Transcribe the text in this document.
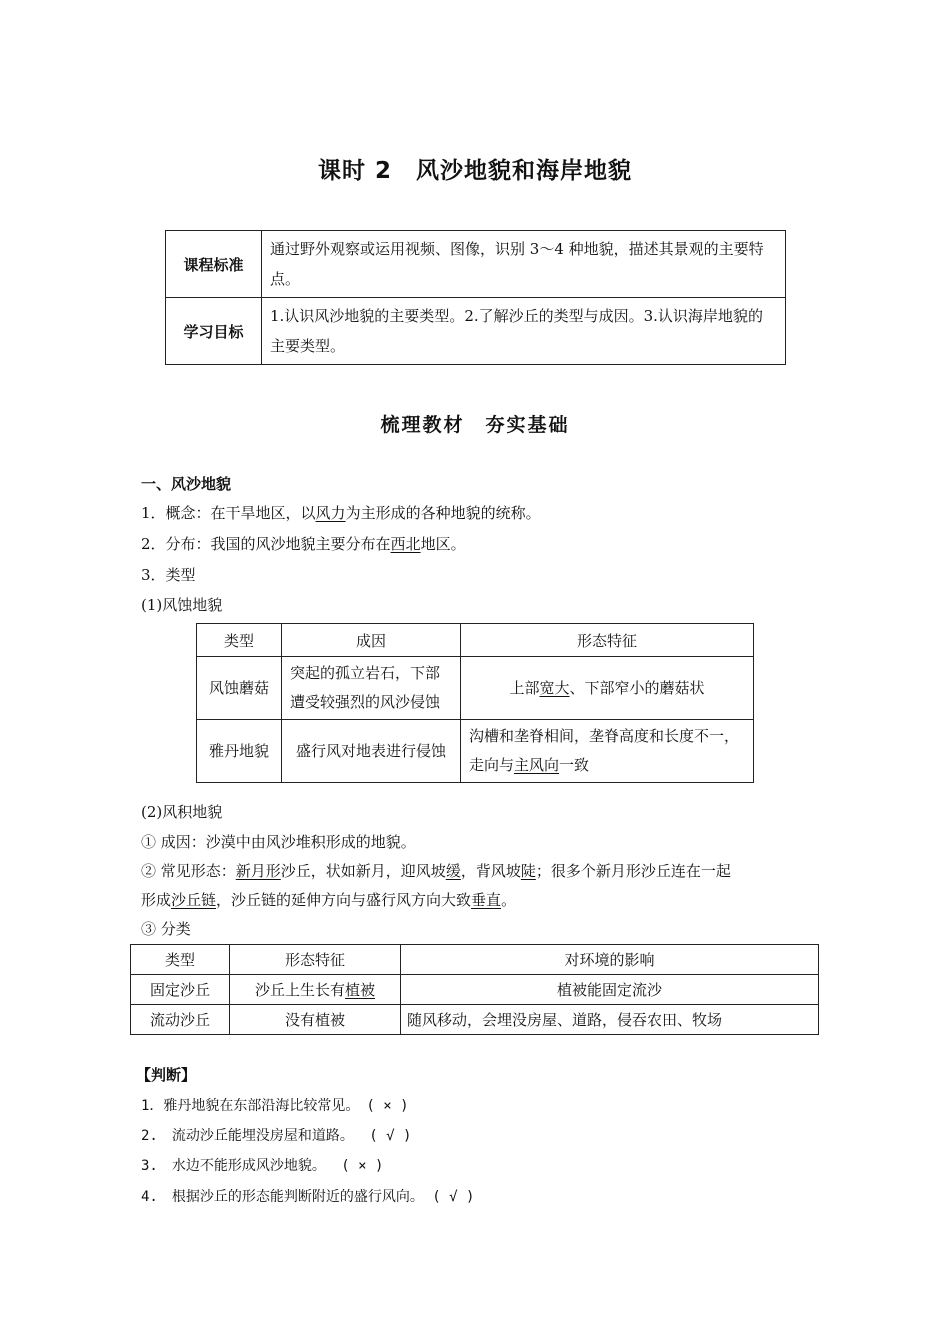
课时 2　风沙地貌和海岸地貌
课程标准	通过野外观察或运用视频、图像，识别 3～4 种地貌，描述其景观的主要特点。
学习目标	1.认识风沙地貌的主要类型。2.了解沙丘的类型与成因。3.认识海岸地貌的主要类型。
梳理教材　夯实基础
一、风沙地貌
1．概念：在干旱地区，以风力为主形成的各种地貌的统称。
2．分布：我国的风沙地貌主要分布在西北地区。
3．类型
(1)风蚀地貌
类型	成因	形态特征
风蚀蘑菇	突起的孤立岩石，下部遭受较强烈的风沙侵蚀	上部宽大、下部窄小的蘑菇状
雅丹地貌	盛行风对地表进行侵蚀	沟槽和垄脊相间，垄脊高度和长度不一，走向与主风向一致
(2)风积地貌
① 成因：沙漠中由风沙堆积形成的地貌。
② 常见形态：新月形沙丘，状如新月，迎风坡缓，背风坡陡；很多个新月形沙丘连在一起
形成沙丘链，沙丘链的延伸方向与盛行风方向大致垂直。
③ 分类
类型	形态特征	对环境的影响
固定沙丘	沙丘上生长有植被	植被能固定流沙
流动沙丘	没有植被	随风移动，会埋没房屋、道路，侵吞农田、牧场
【判断】
1．雅丹地貌在东部沿海比较常见。　( × )
2.　流动沙丘能埋没房屋和道路。　 ( √ )
3.　水边不能形成风沙地貌。　 ( × )
4.　根据沙丘的形态能判断附近的盛行风向。 ( √ )
